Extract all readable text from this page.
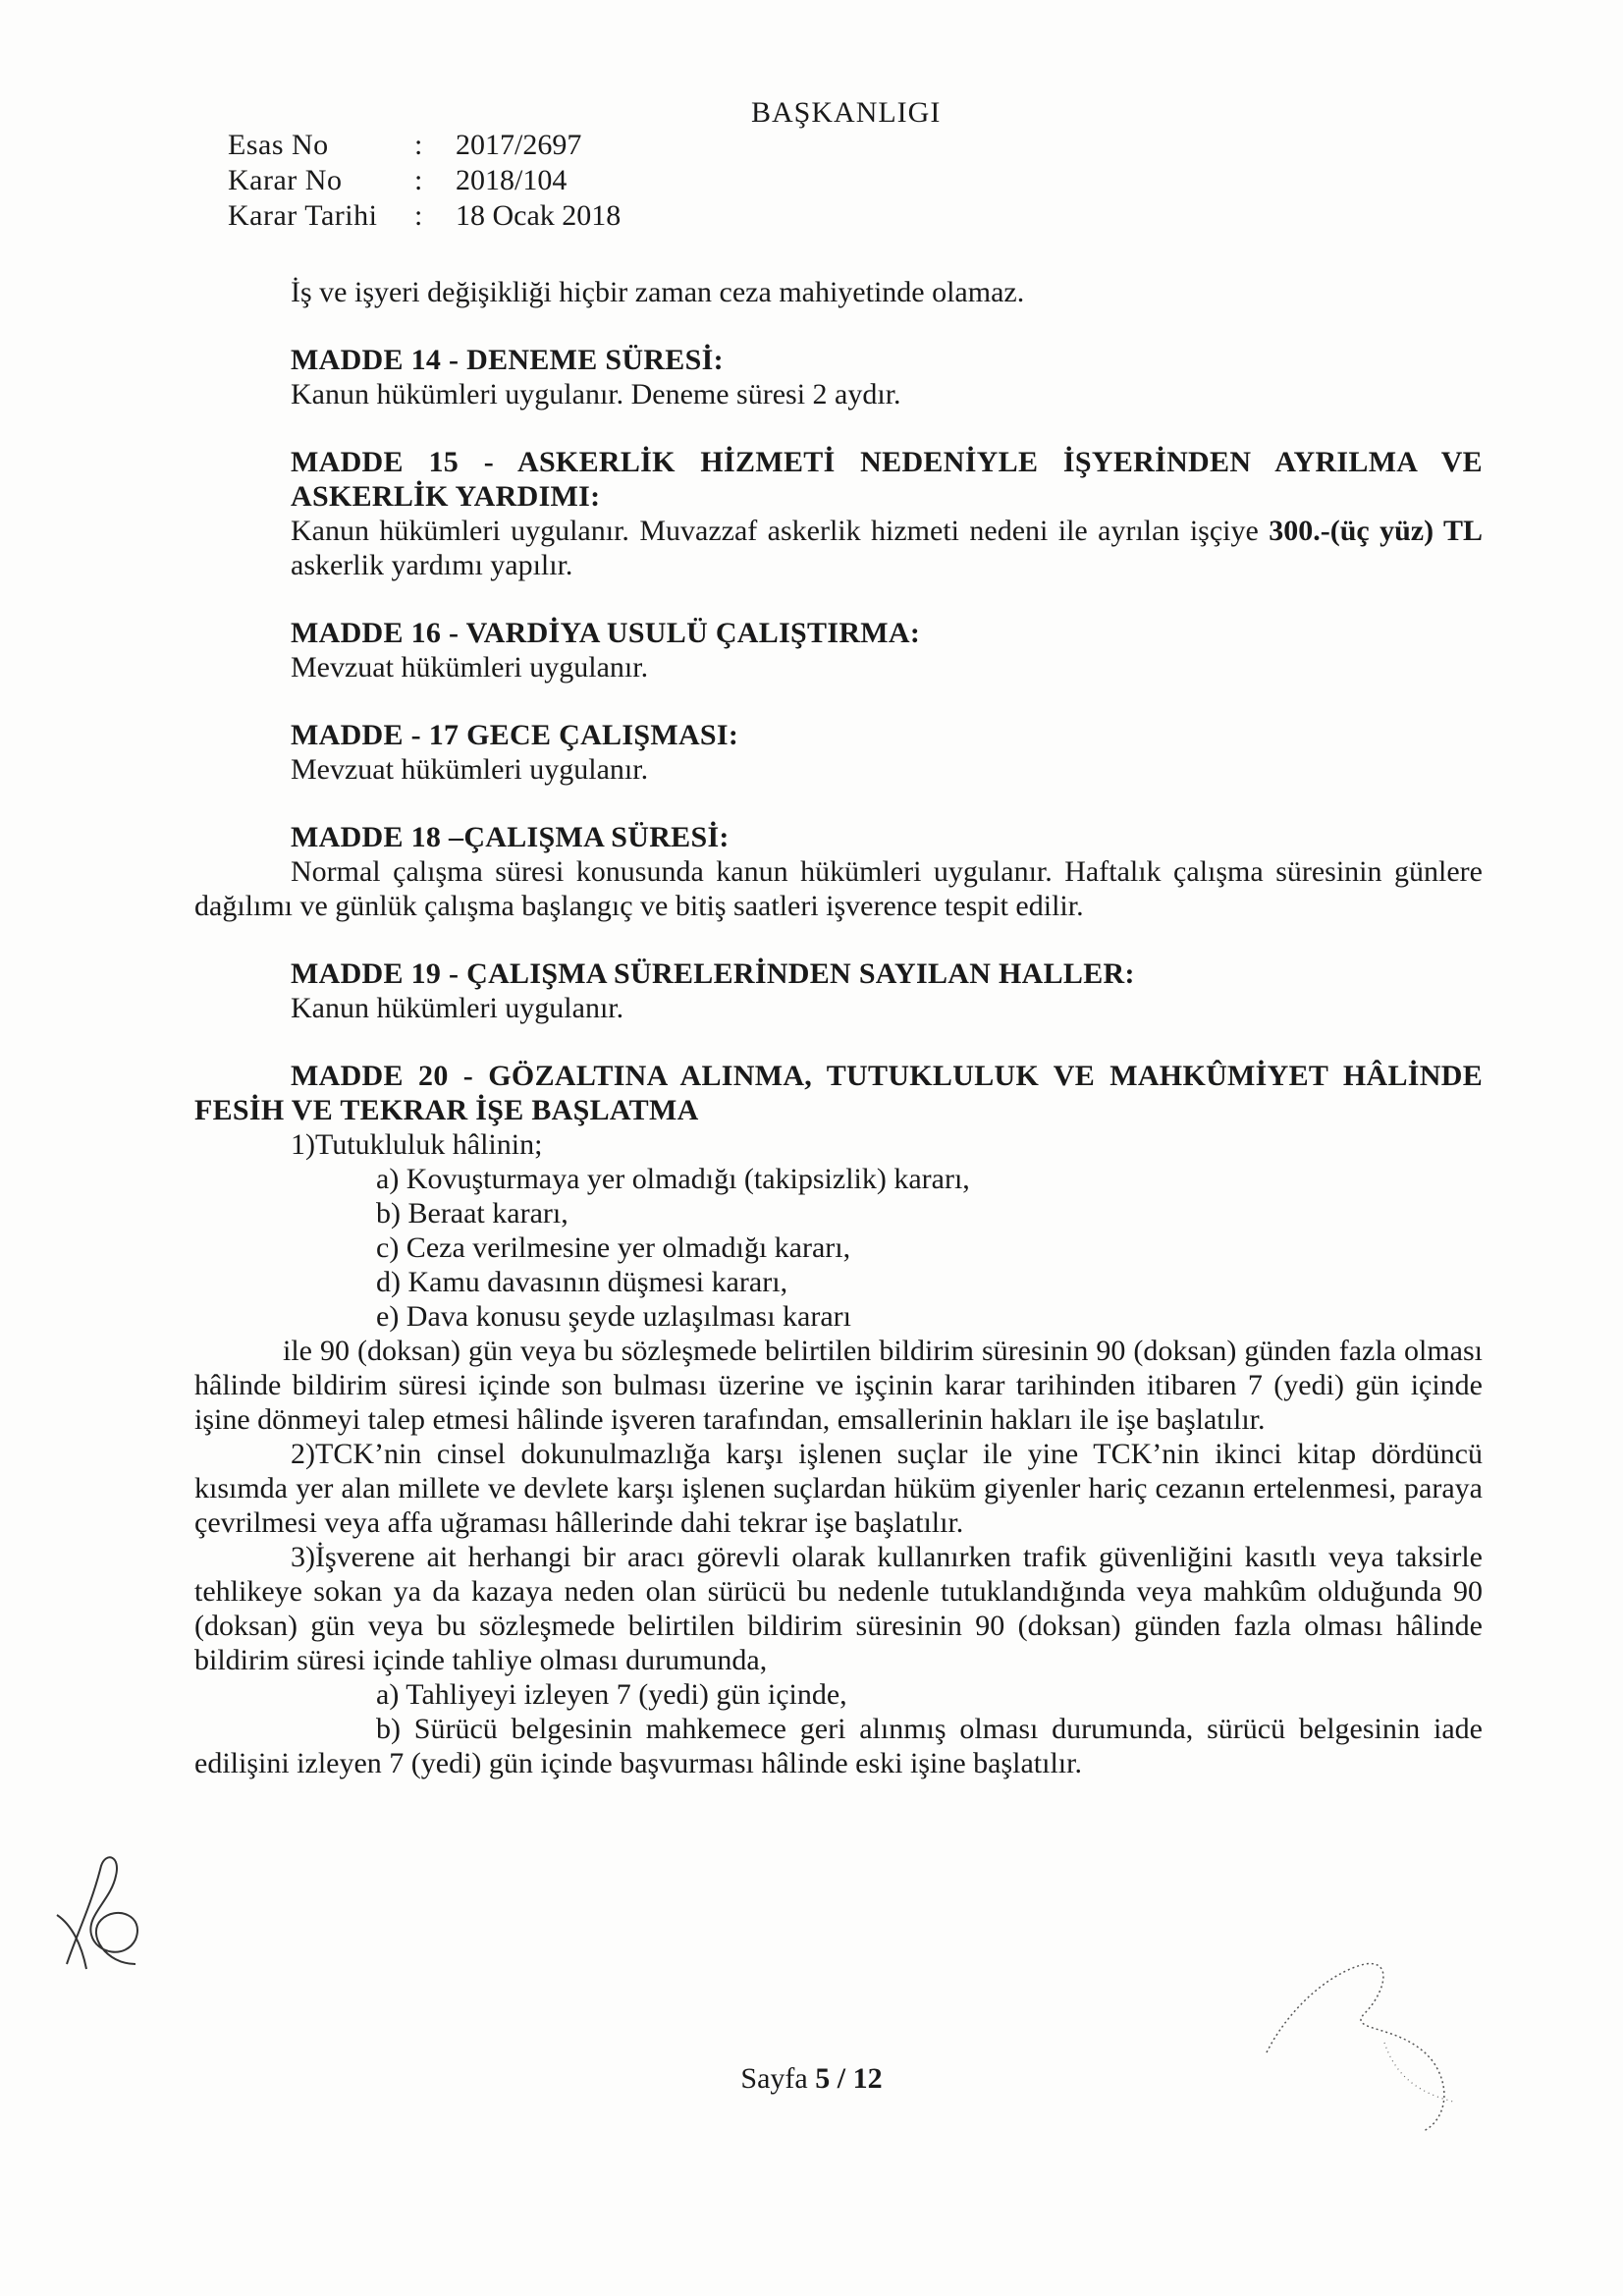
BAŞKANLIGI
Esas No	:	2017/2697
Karar No	:	2018/104
Karar Tarihi	:	18 Ocak 2018

İş ve işyeri değişikliği hiçbir zaman ceza mahiyetinde olamaz.

MADDE 14 - DENEME SÜRESİ:

Kanun hükümleri uygulanır. Deneme süresi 2 aydır.

MADDE 15 - ASKERLİK HİZMETİ NEDENİYLE İŞYERİNDEN AYRILMA VE ASKERLİK YARDIMI:

Kanun hükümleri uygulanır. Muvazzaf askerlik hizmeti nedeni ile ayrılan işçiye 300.-(üç yüz) TL askerlik yardımı yapılır.

MADDE 16 - VARDİYA USULÜ ÇALIŞTIRMA:

Mevzuat hükümleri uygulanır.

MADDE - 17 GECE ÇALIŞMASI:

Mevzuat hükümleri uygulanır.

MADDE 18 –ÇALIŞMA SÜRESİ:

Normal çalışma süresi konusunda kanun hükümleri uygulanır. Haftalık çalışma süresinin günlere dağılımı ve günlük çalışma başlangıç ve bitiş saatleri işverence tespit edilir.

MADDE 19 - ÇALIŞMA SÜRELERİNDEN SAYILAN HALLER:

Kanun hükümleri uygulanır.

MADDE 20 - GÖZALTINA ALINMA, TUTUKLULUK VE MAHKÛMİYET HÂLİNDE FESİH VE TEKRAR İŞE BAŞLATMA

1)Tutukluluk hâlinin;

a) Kovuşturmaya yer olmadığı (takipsizlik) kararı,

b) Beraat kararı,

c) Ceza verilmesine yer olmadığı kararı,

d) Kamu davasının düşmesi kararı,

e) Dava konusu şeyde uzlaşılması kararı

ile 90 (doksan) gün veya bu sözleşmede belirtilen bildirim süresinin 90 (doksan) günden fazla olması hâlinde bildirim süresi içinde son bulması üzerine ve işçinin karar tarihinden itibaren 7 (yedi) gün içinde işine dönmeyi talep etmesi hâlinde işveren tarafından, emsallerinin hakları ile işe başlatılır.

2)TCK’nin cinsel dokunulmazlığa karşı işlenen suçlar ile yine TCK’nin ikinci kitap dördüncü kısımda yer alan millete ve devlete karşı işlenen suçlardan hüküm giyenler hariç cezanın ertelenmesi, paraya çevrilmesi veya affa uğraması hâllerinde dahi tekrar işe başlatılır.

3)İşverene ait herhangi bir aracı görevli olarak kullanırken trafik güvenliğini kasıtlı veya taksirle tehlikeye sokan ya da kazaya neden olan sürücü bu nedenle tutuklandığında veya mahkûm olduğunda 90 (doksan) gün veya bu sözleşmede belirtilen bildirim süresinin 90 (doksan) günden fazla olması hâlinde bildirim süresi içinde tahliye olması durumunda,

a) Tahliyeyi izleyen 7 (yedi) gün içinde,

b) Sürücü belgesinin mahkemece geri alınmış olması durumunda, sürücü belgesinin iade edilişini izleyen 7 (yedi) gün içinde başvurması hâlinde eski işine başlatılır.

Sayfa 5 / 12
